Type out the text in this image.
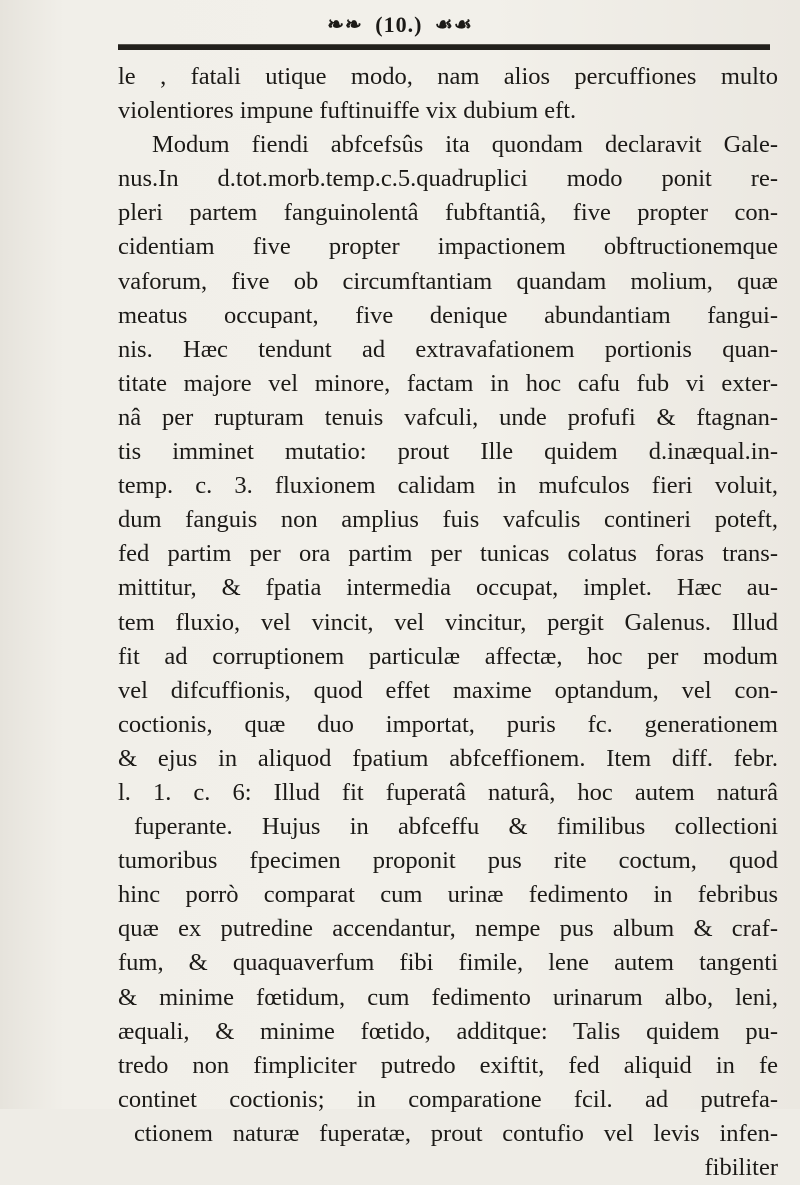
❧❧ (10.) ☙☙
le , fatali utique modo, nam alios percuffiones multo
violentiores impune fuftinuiffe vix dubium eft.
Modum fiendi abfcefsûs ita quondam declaravit Gale-
nus.In d.tot.morb.temp.c.5.quadruplici modo ponit re-
pleri partem fanguinolentâ fubftantiâ, five propter con-
cidentiam five propter impactionem obftructionemque
vaforum, five ob circumftantiam quandam molium, quæ
meatus occupant, five denique abundantiam fangui-
nis. Hæc tendunt ad extravafationem portionis quan-
titate majore vel minore, factam in hoc cafu fub vi exter-
nâ per rupturam tenuis vafculi, unde profufi & ftagnan-
tis imminet mutatio: prout Ille quidem d.inæqual.in-
temp. c. 3. fluxionem calidam in mufculos fieri voluit,
dum fanguis non amplius fuis vafculis contineri poteft,
fed partim per ora partim per tunicas colatus foras trans-
mittitur, & fpatia intermedia occupat, implet. Hæc au-
tem fluxio, vel vincit, vel vincitur, pergit Galenus. Illud
fit ad corruptionem particulæ affectæ, hoc per modum
vel difcuffionis, quod effet maxime optandum, vel con-
coctionis, quæ duo importat, puris fc. generationem
& ejus in aliquod fpatium abfceffionem. Item diff. febr.
l. 1. c. 6: Illud fit fuperatâ naturâ, hoc autem naturâ
fuperante. Hujus in abfceffu & fimilibus collectioni
tumoribus fpecimen proponit pus rite coctum, quod
hinc porrò comparat cum urinæ fedimento in febribus
quæ ex putredine accendantur, nempe pus album & craf-
fum, & quaquaverfum fibi fimile, lene autem tangenti
& minime fœtidum, cum fedimento urinarum albo, leni,
æquali, & minime fœtido, additque: Talis quidem pu-
tredo non fimpliciter putredo exiftit, fed aliquid in fe
continet coctionis; in comparatione fcil. ad putrefa-
ctionem naturæ fuperatæ, prout contufio vel levis infen-
fibiliter
